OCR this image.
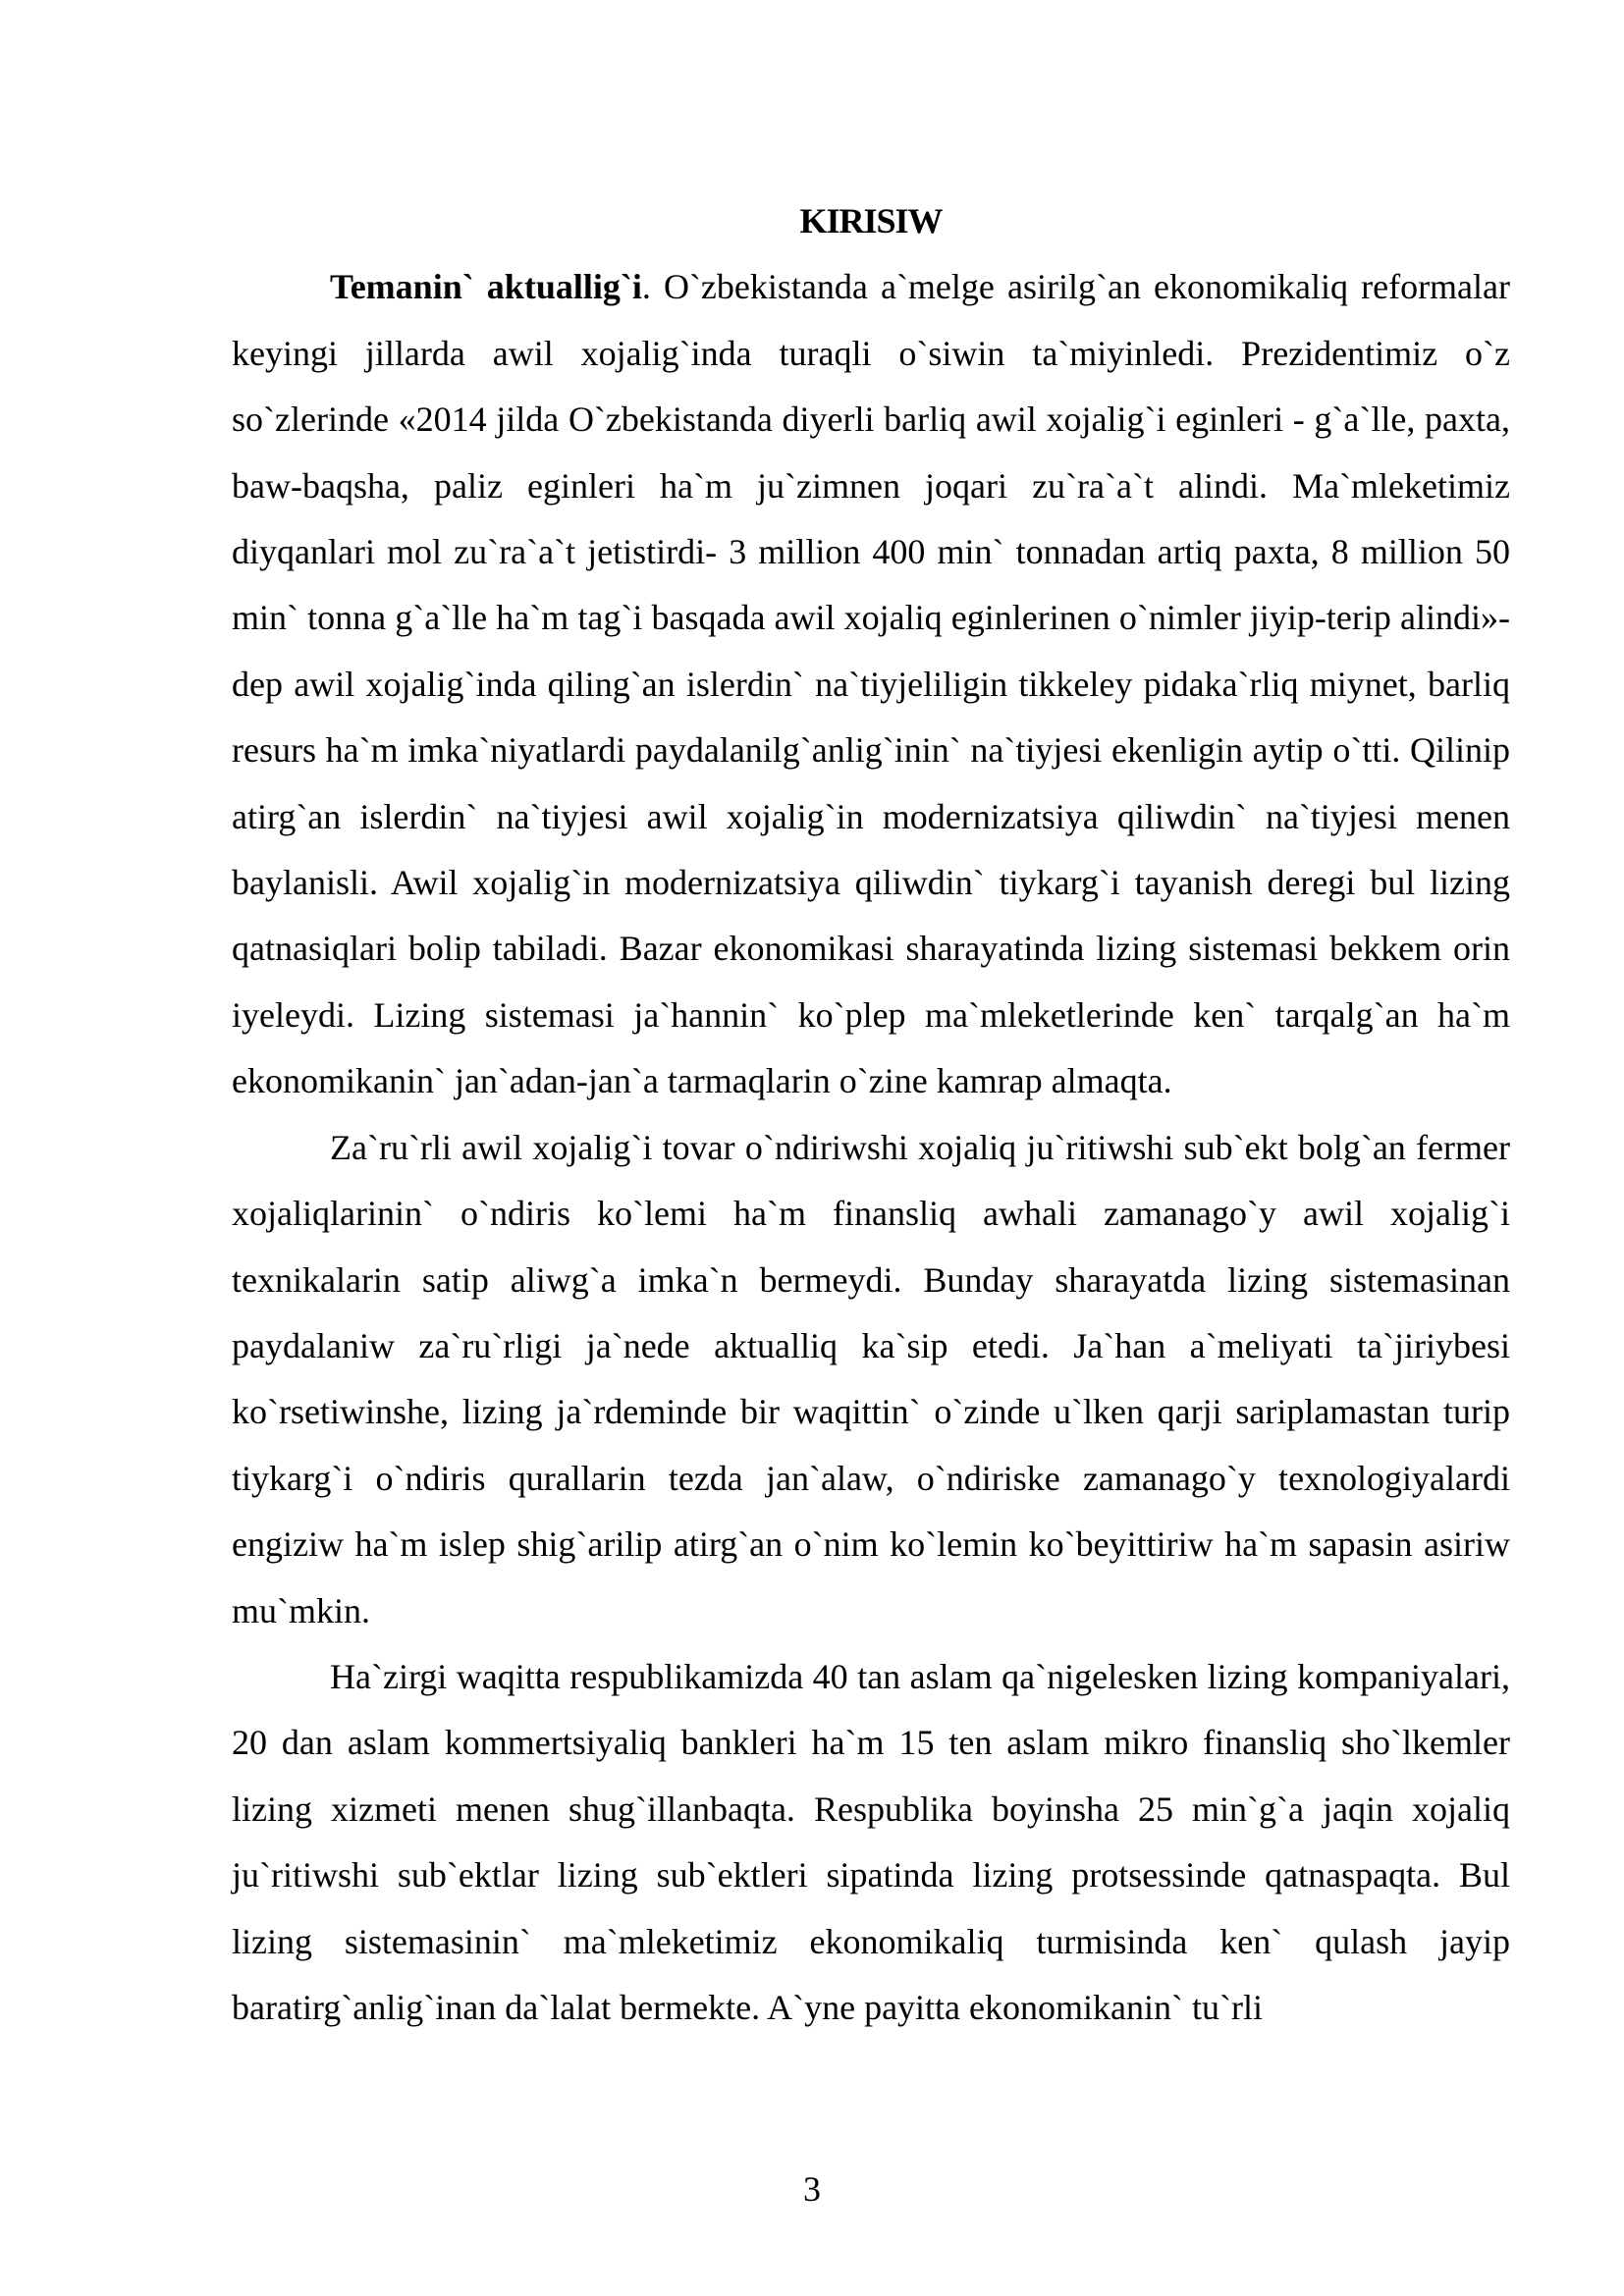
KIRISIW

Temanin` aktuallig`i. O`zbekistanda a`melge asirilg`an ekonomikaliq reformalar keyingi jillarda awil xojalig`inda turaqli o`siwin ta`miyinledi. Prezidentimiz o`z so`zlerinde «2014 jilda O`zbekistanda diyerli barliq awil xojalig`i eginleri - g`a`lle, paxta, baw-baqsha, paliz eginleri ha`m ju`zimnen joqari zu`ra`a`t alindi. Ma`mleketimiz diyqanlari mol zu`ra`a`t jetistirdi- 3 million 400 min` tonnadan artiq paxta, 8 million 50 min` tonna g`a`lle ha`m tag`i basqada awil xojaliq eginlerinen o`nimler jiyip-terip alindi»-dep awil xojalig`inda qiling`an islerdin` na`tiyjeliligin tikkeley pidaka`rliq miynet, barliq resurs ha`m imka`niyatlardi paydalanilg`anlig`inin` na`tiyjesi ekenligin aytip o`tti. Qilinip atirg`an islerdin` na`tiyjesi awil xojalig`in modernizatsiya qiliwdin` na`tiyjesi menen baylanisli. Awil xojalig`in modernizatsiya qiliwdin` tiykarg`i tayanish deregi bul lizing qatnasiqlari bolip tabiladi. Bazar ekonomikasi sharayatinda lizing sistemasi bekkem orin iyeleydi. Lizing sistemasi ja`hannin` ko`plep ma`mleketlerinde ken` tarqalg`an ha`m ekonomikanin` jan`adan-jan`a tarmaqlarin o`zine kamrap almaqta.

Za`ru`rli awil xojalig`i tovar o`ndiriwshi xojaliq ju`ritiwshi sub`ekt bolg`an fermer xojaliqlarinin` o`ndiris ko`lemi ha`m finansliq awhali zamanago`y awil xojalig`i texnikalarin satip aliwg`a imka`n bermeydi. Bunday sharayatda lizing sistemasinan paydalaniw za`ru`rligi ja`nede aktualliq ka`sip etedi. Ja`han a`meliyati ta`jiriybesi ko`rsetiwinshe, lizing ja`rdeminde bir waqittin` o`zinde u`lken qarji sariplamastan turip tiykarg`i o`ndiris qurallarin tezda jan`alaw, o`ndiriske zamanago`y texnologiyalardi engiziw ha`m islep shig`arilip atirg`an o`nim ko`lemin ko`beyittiriw ha`m sapasin asiriw mu`mkin.

Ha`zirgi waqitta respublikamizda 40 tan aslam qa`nigelesken lizing kompaniyalari, 20 dan aslam kommertsiyaliq bankleri ha`m 15 ten aslam mikro finansliq sho`lkemler lizing xizmeti menen shug`illanbaqta. Respublika boyinsha 25 min`g`a jaqin xojaliq ju`ritiwshi sub`ektlar lizing sub`ektleri sipatinda lizing protsessinde qatnaspaqta. Bul lizing sistemasinin` ma`mleketimiz ekonomikaliq turmisinda ken` qulash jayip baratirg`anlig`inan da`lalat bermekte. A`yne payitta ekonomikanin` tu`rli

3
